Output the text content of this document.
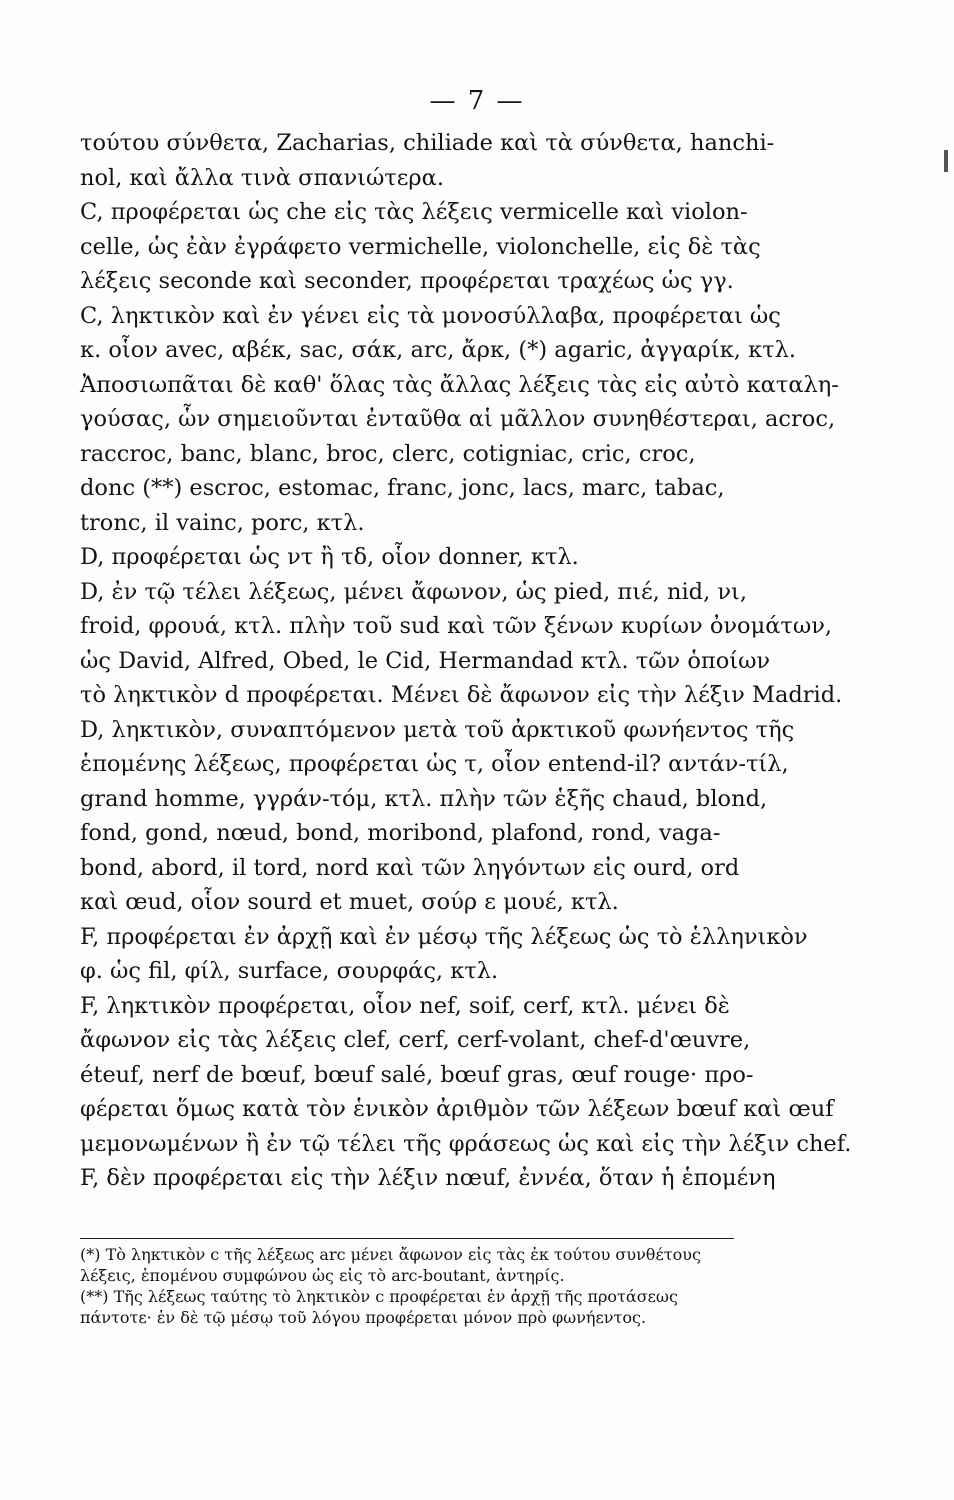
— 7 —
τούτου σύνθετα, Zacharias, chiliade καὶ τὰ σύνθετα, hanchi-
nol, καὶ ἄλλα τινὰ σπανιώτερα.
C, προφέρεται ὡς che εἰς τὰς λέξεις vermicelle καὶ violon-
celle, ὡς ἐὰν ἐγράφετο vermichelle, violonchelle, εἰς δὲ τὰς
λέξεις seconde καὶ seconder, προφέρεται τραχέως ὡς γγ.
C, ληκτικὸν καὶ ἐν γένει εἰς τὰ μονοσύλλαβα, προφέρεται ὡς
κ. οἷον avec, αβέκ, sac, σάκ, arc, ἄρκ, (*) agaric, ἀγγαρίκ, κτλ.
Ἀποσιωπᾶται δὲ καθ' ὅλας τὰς ἄλλας λέξεις τὰς εἰς αὐτὸ καταλη-
γούσας, ὧν σημειοῦνται ἐνταῦθα αἱ μᾶλλον συνηθέστεραι, acroc,
raccroc, banc, blanc, broc, clerc, cotigniac, cric, croc,
donc (**) escroc, estomac, franc, jonc, lacs, marc, tabac,
tronc, il vainc, porc, κτλ.
D, προφέρεται ὡς ντ ἢ τδ, οἷον donner, κτλ.
D, ἐν τῷ τέλει λέξεως, μένει ἄφωνον, ὡς pied, πιέ, nid, νι,
froid, φρουά, κτλ. πλὴν τοῦ sud καὶ τῶν ξένων κυρίων ὀνομάτων,
ὡς David, Alfred, Obed, le Cid, Hermandad κτλ. τῶν ὁποίων
τὸ ληκτικὸν d προφέρεται. Μένει δὲ ἄφωνον εἰς τὴν λέξιν Madrid.
D, ληκτικὸν, συναπτόμενον μετὰ τοῦ ἀρκτικοῦ φωνήεντος τῆς
ἑπομένης λέξεως, προφέρεται ὡς τ, οἷον entend-il? αντάν-τίλ,
grand homme, γγράν-τόμ, κτλ. πλὴν τῶν ἑξῆς chaud, blond,
fond, gond, nœud, bond, moribond, plafond, rond, vaga-
bond, abord, il tord, nord καὶ τῶν ληγόντων εἰς ourd, ord
καὶ œud, οἷον sourd et muet, σούρ ε μουέ, κτλ.
F, προφέρεται ἐν ἀρχῇ καὶ ἐν μέσῳ τῆς λέξεως ὡς τὸ ἑλληνικὸν
φ. ὡς fil, φίλ, surface, σουρφάς, κτλ.
F, ληκτικὸν προφέρεται, οἷον nef, soif, cerf, κτλ. μένει δὲ
ἄφωνον εἰς τὰς λέξεις clef, cerf, cerf-volant, chef-d'œuvre,
éteuf, nerf de bœuf, bœuf salé, bœuf gras, œuf rouge· προ-
φέρεται ὅμως κατὰ τὸν ἑνικὸν ἀριθμὸν τῶν λέξεων bœuf καὶ œuf
μεμονωμένων ἢ ἐν τῷ τέλει τῆς φράσεως ὡς καὶ εἰς τὴν λέξιν chef.
F, δὲν προφέρεται εἰς τὴν λέξιν nœuf, ἐννέα, ὅταν ἡ ἑπομένη
(*) Τὸ ληκτικὸν c τῆς λέξεως arc μένει ἄφωνον εἰς τὰς ἐκ τούτου συνθέτους
λέξεις, ἑπομένου συμφώνου ὡς εἰς τὸ arc-boutant, ἀντηρίς.
(**) Τῆς λέξεως ταύτης τὸ ληκτικὸν c προφέρεται ἐν ἀρχῇ τῆς προτάσεως
πάντοτε· ἐν δὲ τῷ μέσῳ τοῦ λόγου προφέρεται μόνον πρὸ φωνήεντος.
